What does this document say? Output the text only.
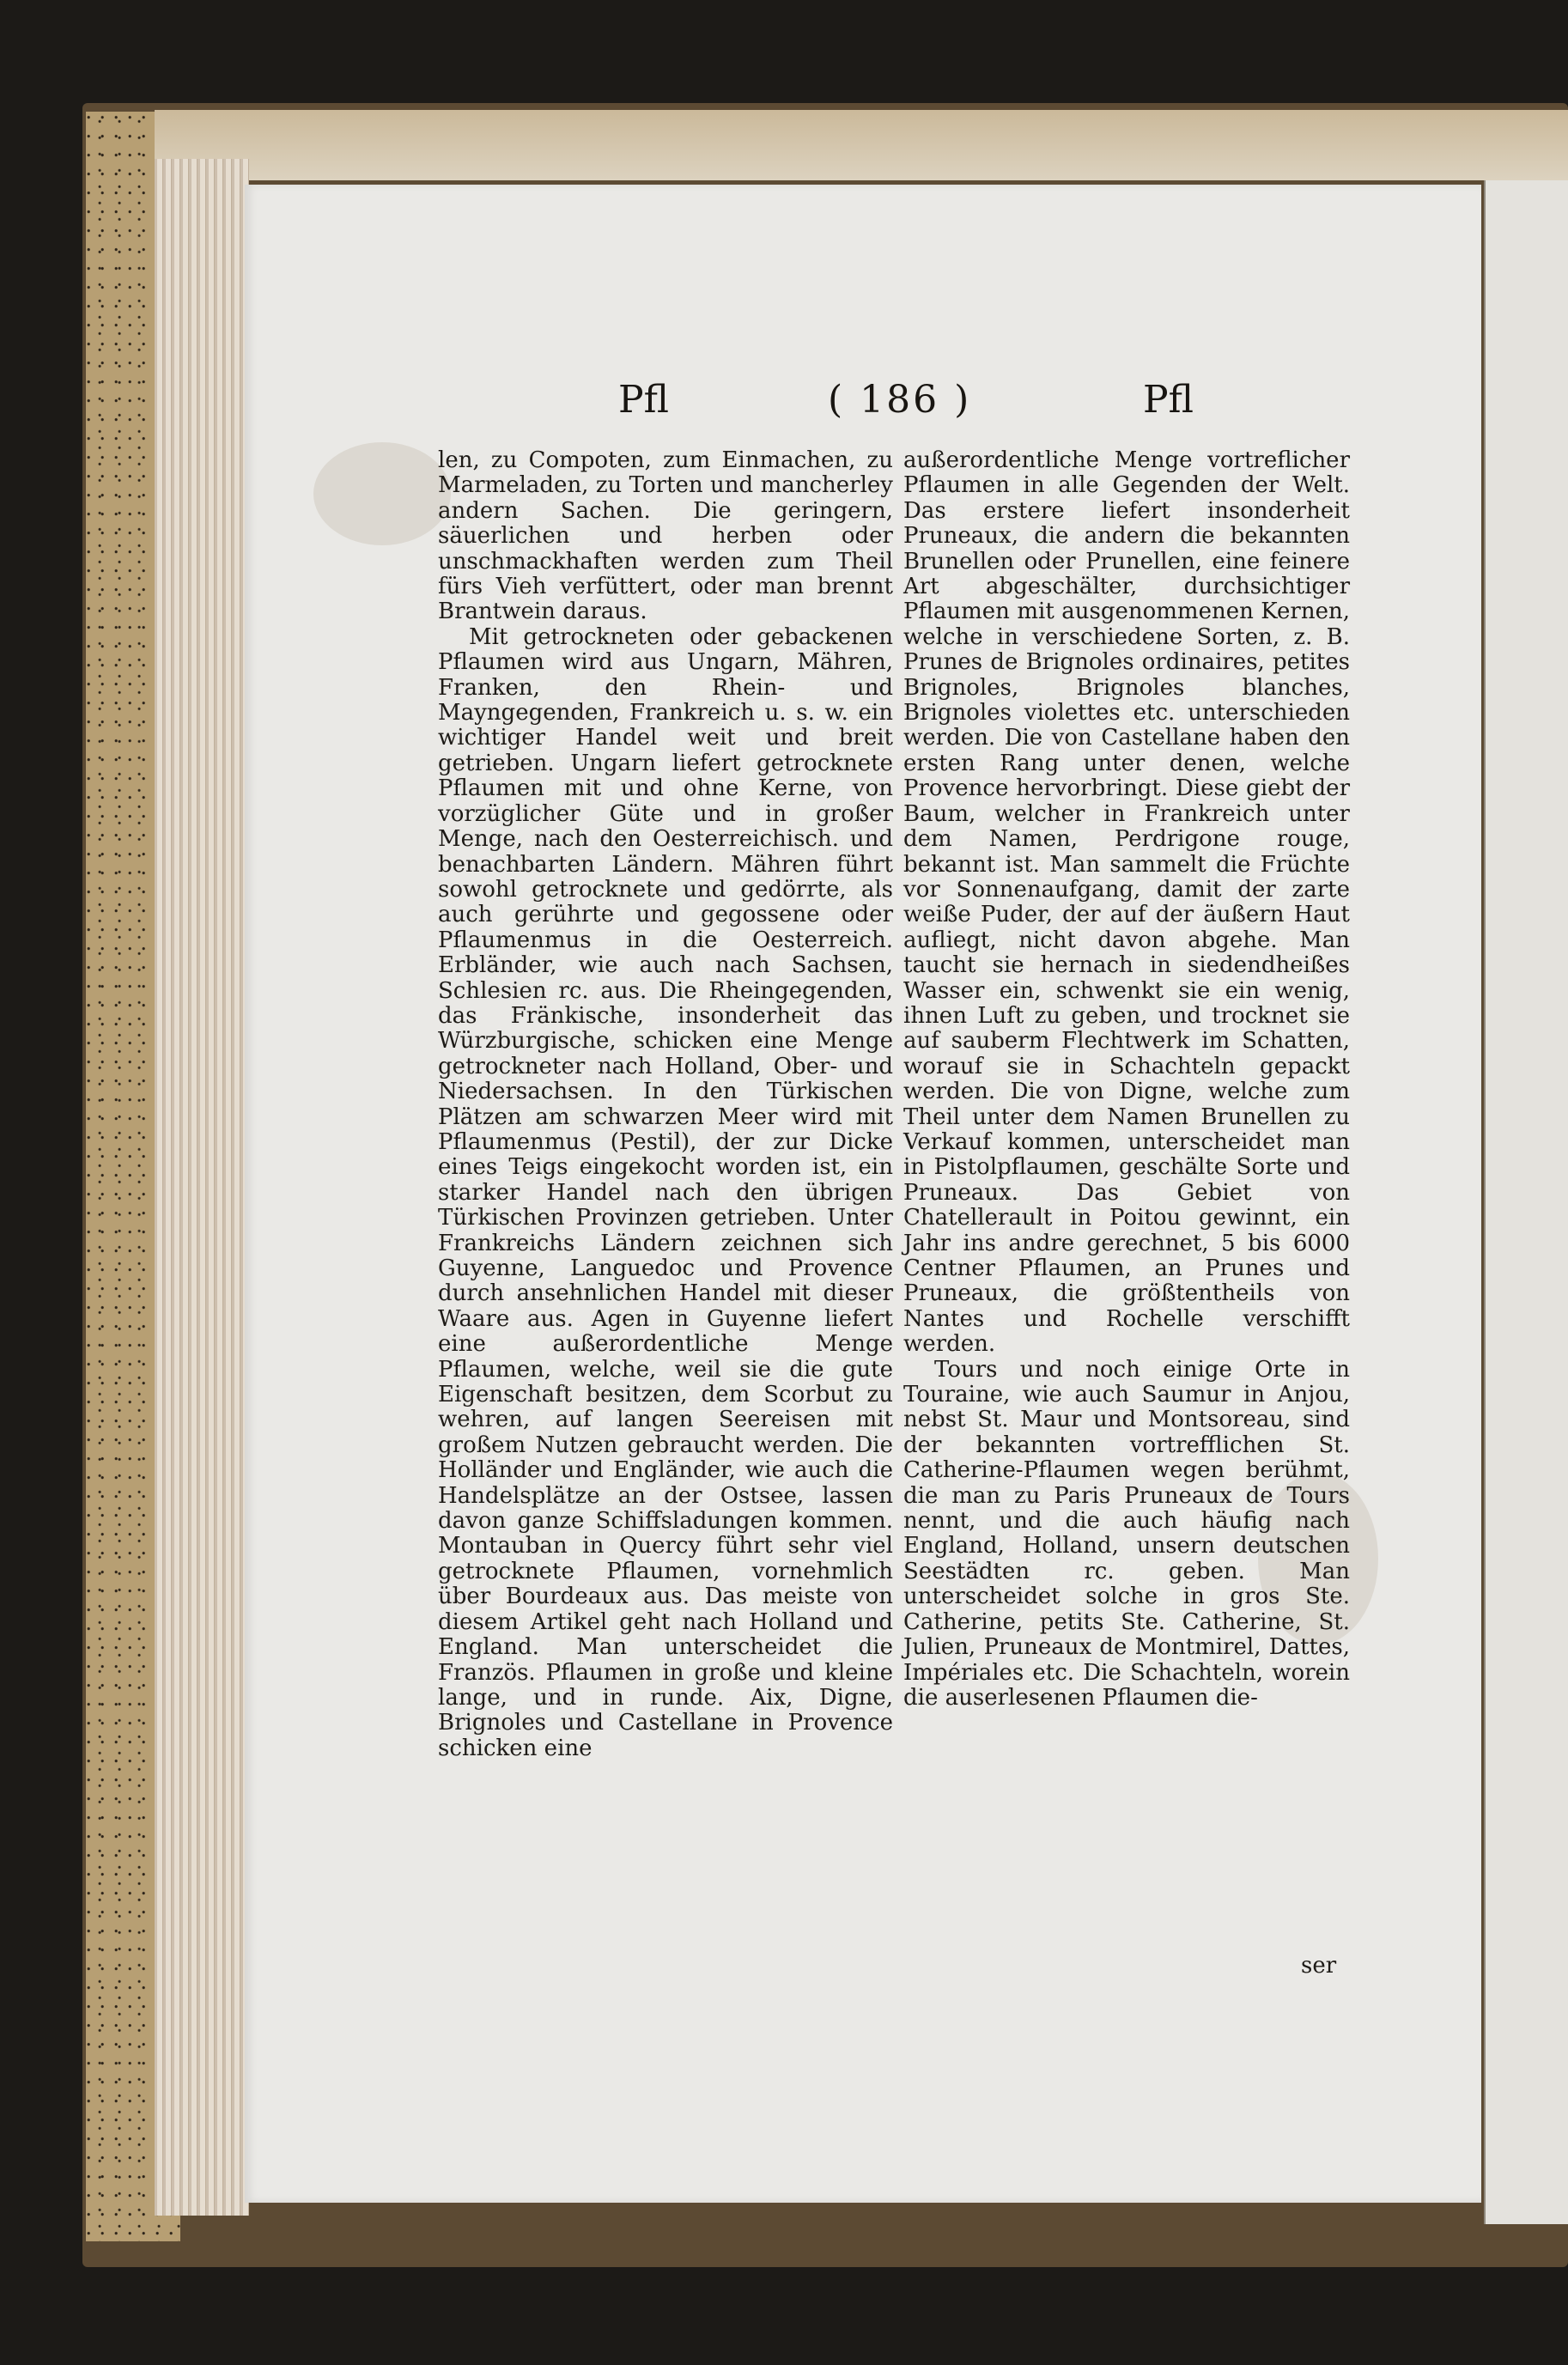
Pfl	( 186 )	Pfl

len, zu Compoten, zum Einmachen, zu Marmeladen, zu Torten und mancherley andern Sachen. Die geringern, säuerlichen und herben oder unschmackhaften werden zum Theil fürs Vieh verfüttert, oder man brennt Brantwein daraus.

Mit getrockneten oder gebackenen Pflaumen wird aus Ungarn, Mähren, Franken, den Rhein- und Mayngegenden, Frankreich u. s. w. ein wichtiger Handel weit und breit getrieben. Ungarn liefert getrocknete Pflaumen mit und ohne Kerne, von vorzüglicher Güte und in großer Menge, nach den Oesterreichisch. und benachbarten Ländern. Mähren führt sowohl getrocknete und gedörrte, als auch gerührte und gegossene oder Pflaumenmus in die Oesterreich. Erbländer, wie auch nach Sachsen, Schlesien rc. aus. Die Rheingegenden, das Fränkische, insonderheit das Würzburgische, schicken eine Menge getrockneter nach Holland, Ober- und Niedersachsen. In den Türkischen Plätzen am schwarzen Meer wird mit Pflaumenmus (Pestil), der zur Dicke eines Teigs eingekocht worden ist, ein starker Handel nach den übrigen Türkischen Provinzen getrieben. Unter Frankreichs Ländern zeichnen sich Guyenne, Languedoc und Provence durch ansehnlichen Handel mit dieser Waare aus. Agen in Guyenne liefert eine außerordentliche Menge Pflaumen, welche, weil sie die gute Eigenschaft besitzen, dem Scorbut zu wehren, auf langen Seereisen mit großem Nutzen gebraucht werden. Die Holländer und Engländer, wie auch die Handelsplätze an der Ostsee, lassen davon ganze Schiffsladungen kommen. Montauban in Quercy führt sehr viel getrocknete Pflaumen, vornehmlich über Bourdeaux aus. Das meiste von diesem Artikel geht nach Holland und England. Man unterscheidet die Französ. Pflaumen in große und kleine lange, und in runde. Aix, Digne, Brignoles und Castellane in Provence schicken eine

außerordentliche Menge vortreflicher Pflaumen in alle Gegenden der Welt. Das erstere liefert insonderheit Pruneaux, die andern die bekannten Brunellen oder Prunellen, eine feinere Art abgeschälter, durchsichtiger Pflaumen mit ausgenommenen Kernen, welche in verschiedene Sorten, z. B. Prunes de Brignoles ordinaires, petites Brignoles, Brignoles blanches, Brignoles violettes etc. unterschieden werden. Die von Castellane haben den ersten Rang unter denen, welche Provence hervorbringt. Diese giebt der Baum, welcher in Frankreich unter dem Namen, Perdrigone rouge, bekannt ist. Man sammelt die Früchte vor Sonnenaufgang, damit der zarte weiße Puder, der auf der äußern Haut aufliegt, nicht davon abgehe. Man taucht sie hernach in siedendheißes Wasser ein, schwenkt sie ein wenig, ihnen Luft zu geben, und trocknet sie auf sauberm Flechtwerk im Schatten, worauf sie in Schachteln gepackt werden. Die von Digne, welche zum Theil unter dem Namen Brunellen zu Verkauf kommen, unterscheidet man in Pistolpflaumen, geschälte Sorte und Pruneaux. Das Gebiet von Chatellerault in Poitou gewinnt, ein Jahr ins andre gerechnet, 5 bis 6000 Centner Pflaumen, an Prunes und Pruneaux, die größtentheils von Nantes und Rochelle verschifft werden.

Tours und noch einige Orte in Touraine, wie auch Saumur in Anjou, nebst St. Maur und Montsoreau, sind der bekannten vortrefflichen St. Catherine-Pflaumen wegen berühmt, die man zu Paris Pruneaux de Tours nennt, und die auch häufig nach England, Holland, unsern deutschen Seestädten rc. geben. Man unterscheidet solche in gros Ste. Catherine, petits Ste. Catherine, St. Julien, Pruneaux de Montmirel, Dattes, Impériales etc. Die Schachteln, worein die auserlesenen Pflaumen die-

ser
